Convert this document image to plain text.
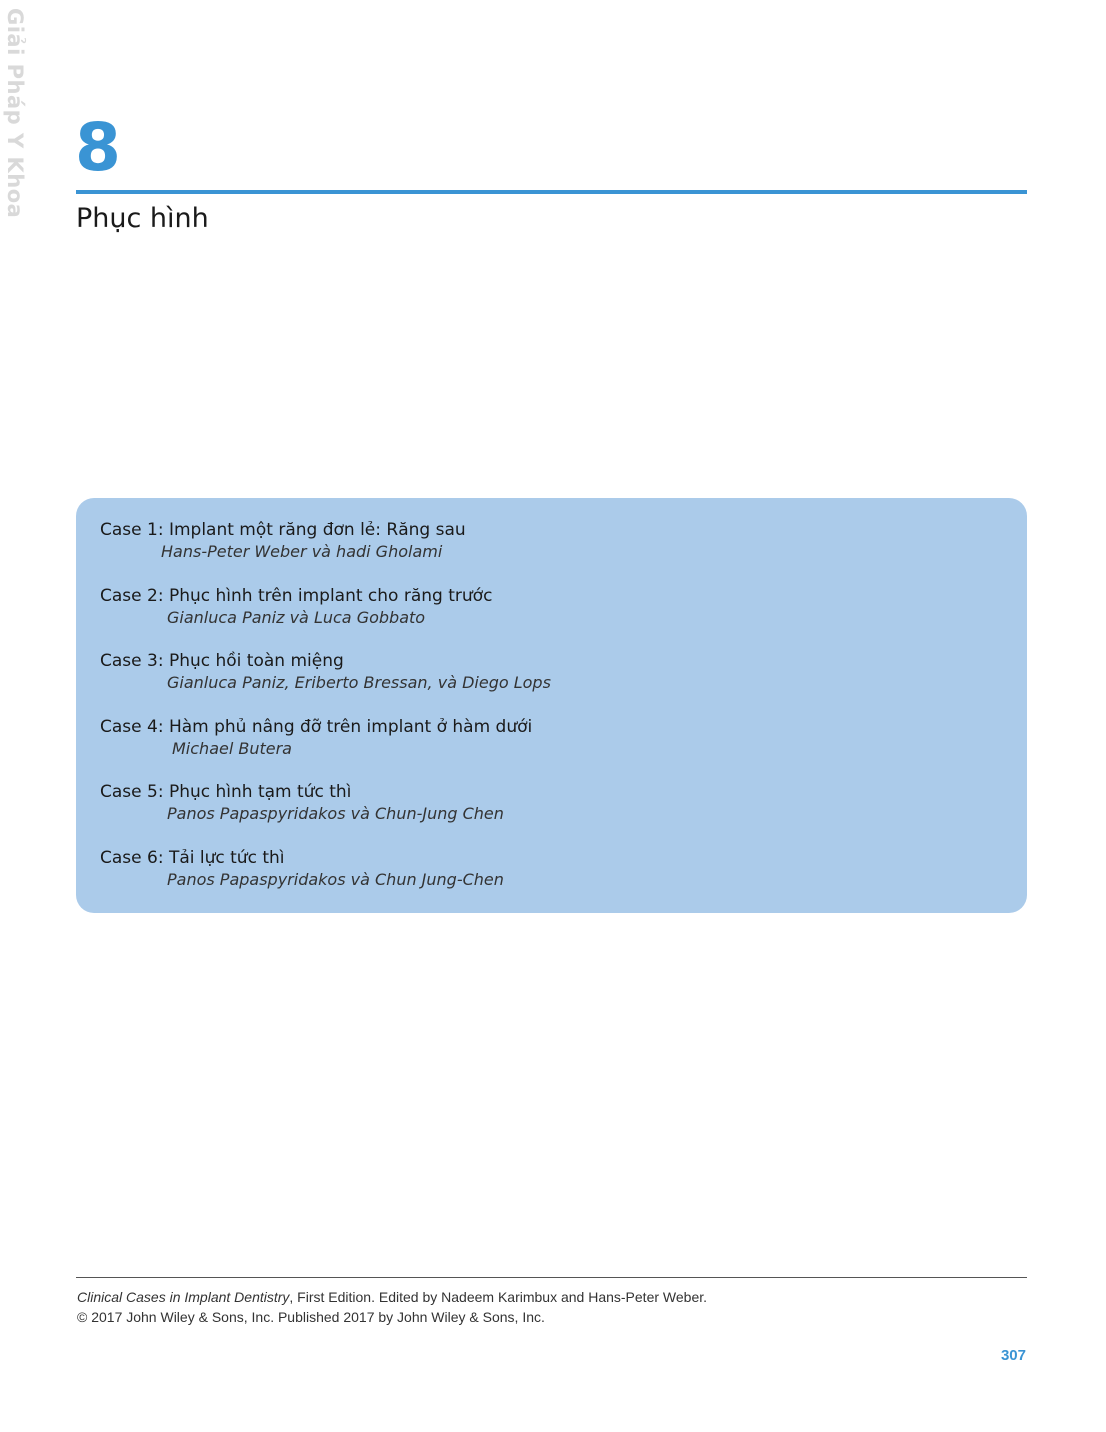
Giải Pháp Y Khoa 8
Phục hình
Case 1: Implant một răng đơn lẻ: Răng sau
Hans-Peter Weber và hadi Gholami
Case 2: Phục hình trên implant cho răng trước
Gianluca Paniz và Luca Gobbato
Case 3: Phục hồi toàn miệng
Gianluca Paniz, Eriberto Bressan, và Diego Lops
Case 4: Hàm phủ nâng đỡ trên implant ở hàm dưới
Michael Butera
Case 5: Phục hình tạm tức thì
Panos Papaspyridakos và Chun-Jung Chen
Case 6: Tải lực tức thì
Panos Papaspyridakos và Chun Jung-Chen
Clinical Cases in Implant Dentistry, First Edition. Edited by Nadeem Karimbux and Hans-Peter Weber.
© 2017 John Wiley & Sons, Inc. Published 2017 by John Wiley & Sons, Inc.
307
